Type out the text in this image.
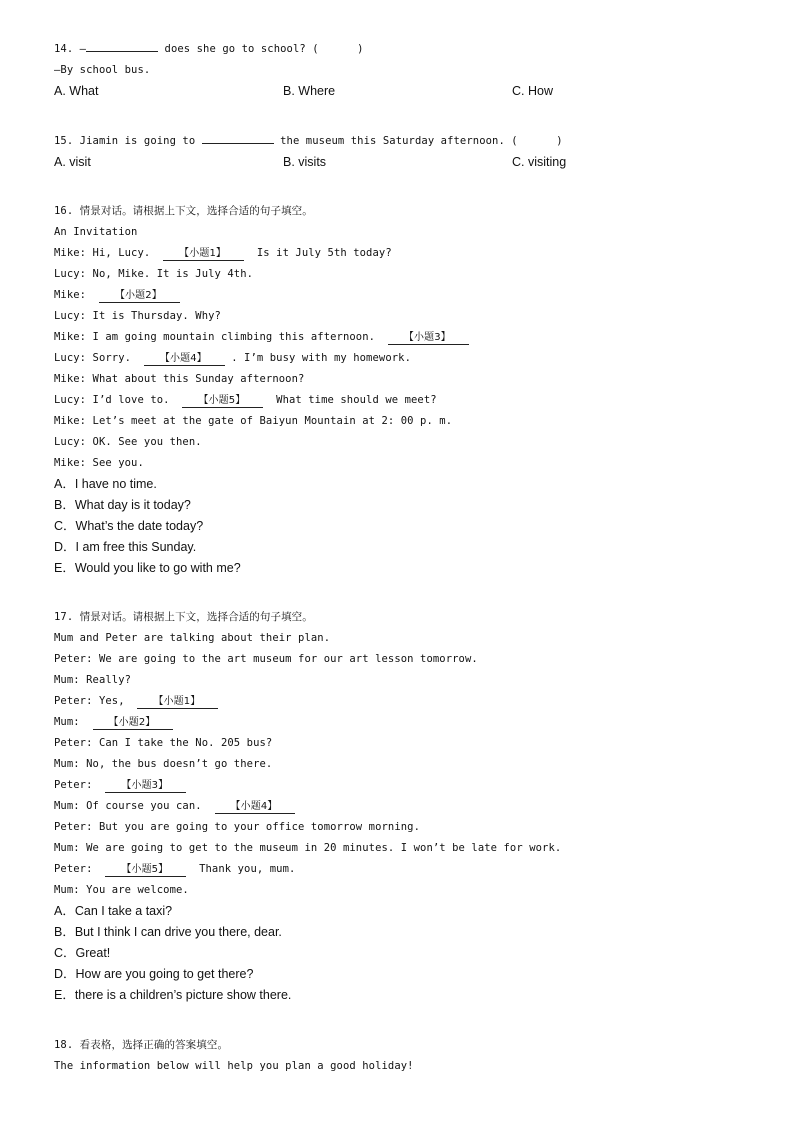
14. —	does she go to school? (      )
—By school bus.
A. What	B. Where	C. How
15. Jiamin is going to	the museum this Saturday afternoon. (      )
A. visit	B. visits	C. visiting
16. 情景对话。请根据上下文，选择合适的句子填空。
An Invitation
Mike: Hi, Lucy.  【小题1】  Is it July 5th today?
Lucy: No, Mike. It is July 4th.
Mike:  【小题2】
Lucy: It is Thursday. Why?
Mike: I am going mountain climbing this afternoon.  【小题3】
Lucy: Sorry.  【小题4】 . I’m busy with my homework.
Mike: What about this Sunday afternoon?
Lucy: I’d love to.  【小题5】  What time should we meet?
Mike: Let’s meet at the gate of Baiyun Mountain at 2: 00 p. m.
Lucy: OK. See you then.
Mike: See you.
A．I have no time.
B．What day is it today?
C．What’s the date today?
D．I am free this Sunday.
E．Would you like to go with me?
17. 情景对话。请根据上下文，选择合适的句子填空。
Mum and Peter are talking about their plan.
Peter: We are going to the art museum for our art lesson tomorrow.
Mum: Really?
Peter: Yes,  【小题1】
Mum:  【小题2】
Peter: Can I take the No. 205 bus?
Mum: No, the bus doesn’t go there.
Peter:  【小题3】
Mum: Of course you can.  【小题4】
Peter: But you are going to your office tomorrow morning.
Mum: We are going to get to the museum in 20 minutes. I won’t be late for work.
Peter:  【小题5】  Thank you, mum.
Mum: You are welcome.
A．Can I take a taxi?
B．But I think I can drive you there, dear.
C．Great!
D．How are you going to get there?
E．there is a children’s picture show there.
18. 看表格，选择正确的答案填空。
The information below will help you plan a good holiday!
